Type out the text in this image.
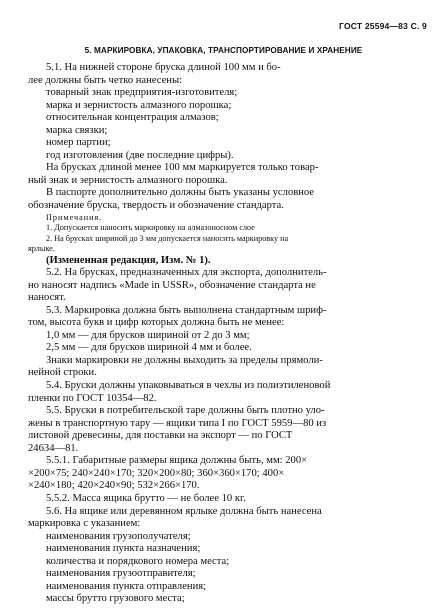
ГОСТ 25594—83 С. 9
5. МАРКИРОВКА, УПАКОВКА, ТРАНСПОРТИРОВАНИЕ И ХРАНЕНИЕ
5.1. На нижней стороне бруска длиной 100 мм и бо-
лее должны быть четко нанесены:
товарный знак предприятия-изготовителя;
марка и зернистость алмазного порошка;
относительная концентрация алмазов;
марка связки;
номер партии;
год изготовления (две последние цифры).
На брусках длиной менее 100 мм маркируется только товар-
ный знак и зернистость алмазного порошка.
В паспорте дополнительно должны быть указаны условное
обозначение бруска, твердость и обозначение стандарта.
Примечания.
1. Допускается наносить маркировку на алмазоносном слое
2. На брусках шириной до 3 мм допускается наносить маркировку на
ярлыке.
(Измененная редакция, Изм. № 1).
5.2. На брусках, предназначенных для экспорта, дополнитель-
но наносят надпись «Made in USSR», обозначение стандарта не
наносят.
5.3. Маркировка должна быть выполнена стандартным шриф-
том, высота букв и цифр которых должна быть не менее:
1,0 мм — для брусков шириной от 2 до 3 мм;
2,5 мм — для брусков шириной 4 мм и более.
Знаки маркировки не должны выходить за пределы прямоли-
нейной строки.
5.4. Бруски должны упаковываться в чехлы из полиэтиленовой
пленки по ГОСТ 10354—82.
5.5. Бруски в потребительской таре должны быть плотно уло-
жены в транспортную тару — ящики типа I по ГОСТ 5959—80 из
листовой древесины, для поставки на экспорт — по ГОСТ
24634—81.
5.5.1. Габаритные размеры ящика должны быть, мм: 200×
×200×75; 240×240×170; 320×200×80; 360×360×170; 400×
×240×180; 420×240×90; 532×266×170.
5.5.2. Масса ящика брутто — не более 10 кг.
5.6. На ящике или деревянном ярлыке должна быть нанесена
маркировка с указанием:
наименования грузополучателя;
наименования пункта назначения;
количества и порядкового номера места;
наименования грузоотправителя;
наименования пункта отправления;
массы брутто грузового места;
